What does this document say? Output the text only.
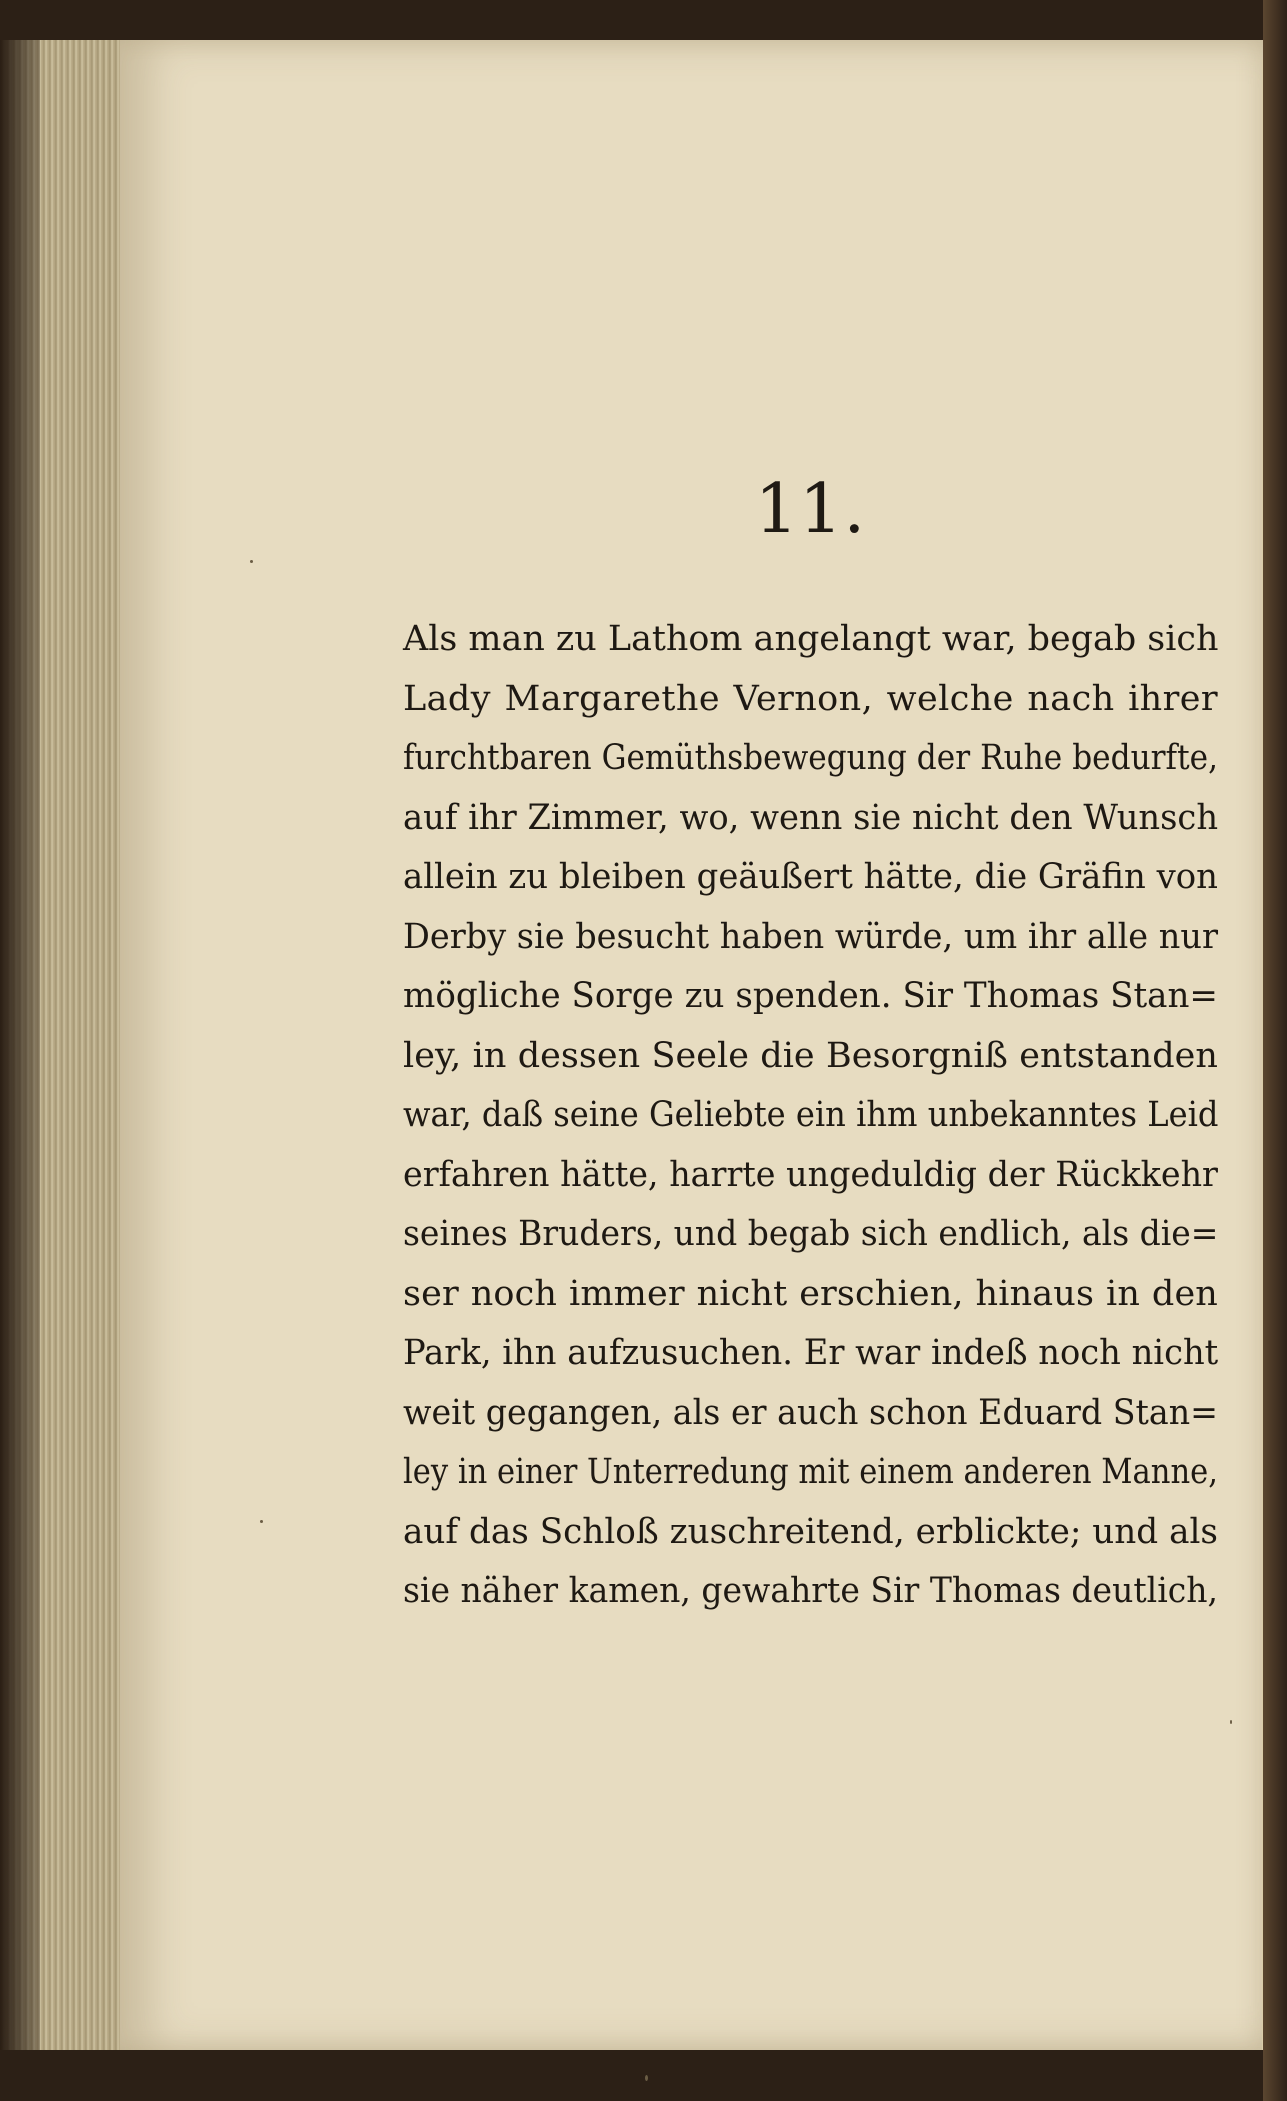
11.
Als man zu Lathom angelangt war, begab sich
Lady Margarethe Vernon, welche nach ihrer
furchtbaren Gemüthsbewegung der Ruhe bedurfte,
auf ihr Zimmer, wo, wenn sie nicht den Wunsch
allein zu bleiben geäußert hätte, die Gräfin von
Derby sie besucht haben würde, um ihr alle nur
mögliche Sorge zu spenden. Sir Thomas Stan=
ley, in dessen Seele die Besorgniß entstanden
war, daß seine Geliebte ein ihm unbekanntes Leid
erfahren hätte, harrte ungeduldig der Rückkehr
seines Bruders, und begab sich endlich, als die=
ser noch immer nicht erschien, hinaus in den
Park, ihn aufzusuchen. Er war indeß noch nicht
weit gegangen, als er auch schon Eduard Stan=
ley in einer Unterredung mit einem anderen Manne,
auf das Schloß zuschreitend, erblickte; und als
sie näher kamen, gewahrte Sir Thomas deutlich,
